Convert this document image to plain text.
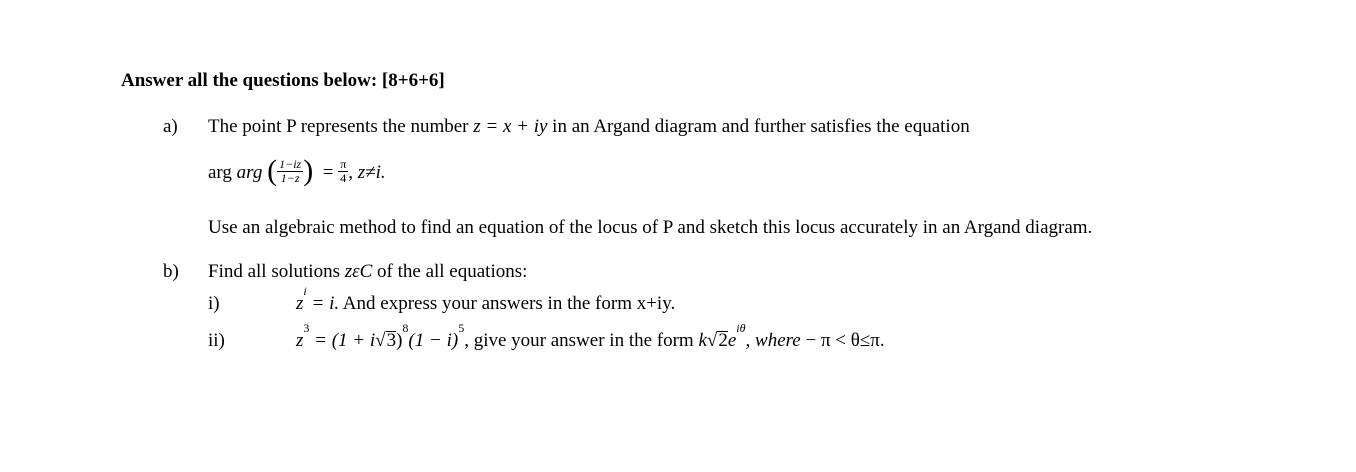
Answer all the questions below: [8+6+6]
a) The point P represents the number z = x + iy in an Argand diagram and further satisfies the equation
arg arg ( $\frac{1-iz}{1-z}$ ) = $\frac{\pi}{4}$ , z≠i.
Use an algebraic method to find an equation of the locus of P and sketch this locus accurately in an Argand diagram.
b) Find all solutions zεC of the all equations:
i)	$z^i = i$. And express your answers in the form x+iy.
ii)	$z^3 = (1 + i√3)^8(1 - i)^5$, give your answer in the form $k√2e^{i\theta}$, where − π < θ≤π.
